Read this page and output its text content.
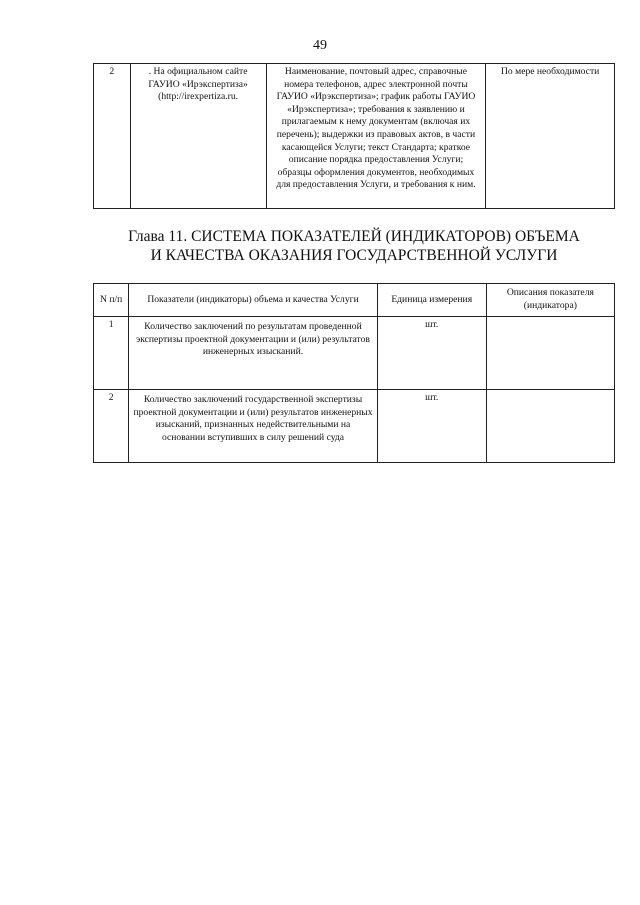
49
2	. На официальном сайте ГАУИО «Ирэкспертиза» (http://irexpertiza.ru.	Наименование, почтовый адрес, справочные номера телефонов, адрес электронной почты ГАУИО «Ирэкспертиза»; график работы ГАУИО «Ирэкспертиза»; требования к заявлению и прилагаемым к нему документам (включая их перечень); выдержки из правовых актов, в части касающейся Услуги; текст Стандарта; краткое описание порядка предоставления Услуги; образцы оформления документов, необходимых для предоставления Услуги, и требования к ним.	По мере необходимости
Глава 11. СИСТЕМА ПОКАЗАТЕЛЕЙ (ИНДИКАТОРОВ) ОБЪЕМА
И КАЧЕСТВА ОКАЗАНИЯ ГОСУДАРСТВЕННОЙ УСЛУГИ
N п/п	Показатели (индикаторы) объема и качества Услуги	Единица измерения	Описания показателя (индикатора)
1	Количество заключений по результатам проведенной экспертизы проектной документации и (или) результатов инженерных изысканий.	шт.	
2	Количество заключений государственной экспертизы проектной документации и (или) результатов инженерных изысканий, признанных недействительными на основании вступивших в силу решений суда	шт.	
